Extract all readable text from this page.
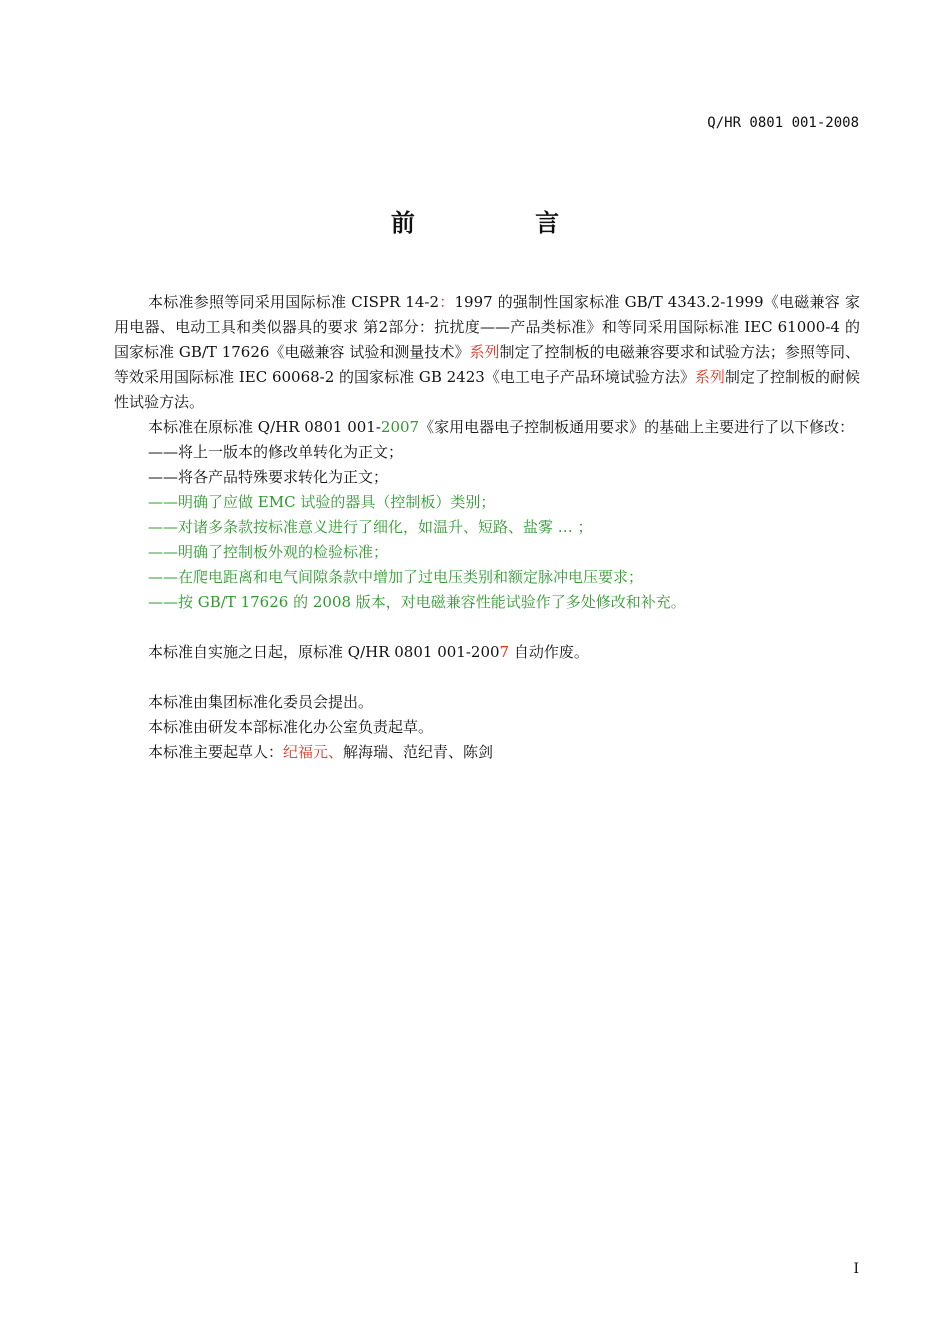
Q/HR 0801 001-2008
前 言

本标准参照等同采用国际标准 CISPR 14-2：1997 的强制性国家标准 GB/T 4343.2-1999《电磁兼容 家用电器、电动工具和类似器具的要求 第2部分：抗扰度——产品类标准》和等同采用国际标准 IEC 61000-4 的国家标准 GB/T 17626《电磁兼容 试验和测量技术》系列制定了控制板的电磁兼容要求和试验方法；参照等同、等效采用国际标准 IEC 60068-2 的国家标准 GB 2423《电工电子产品环境试验方法》系列制定了控制板的耐候性试验方法。

本标准在原标准 Q/HR 0801 001-2007《家用电器电子控制板通用要求》的基础上主要进行了以下修改：

——将上一版本的修改单转化为正文；

——将各产品特殊要求转化为正文；

——明确了应做 EMC 试验的器具（控制板）类别；

——对诸多条款按标准意义进行了细化，如温升、短路、盐雾 … ；

——明确了控制板外观的检验标准；

——在爬电距离和电气间隙条款中增加了过电压类别和额定脉冲电压要求；

——按 GB/T 17626 的 2008 版本，对电磁兼容性能试验作了多处修改和补充。

本标准自实施之日起，原标准 Q/HR 0801 001-2007 自动作废。

本标准由集团标准化委员会提出。

本标准由研发本部标准化办公室负责起草。

本标准主要起草人：纪福元、解海瑞、范纪青、陈剑

I
